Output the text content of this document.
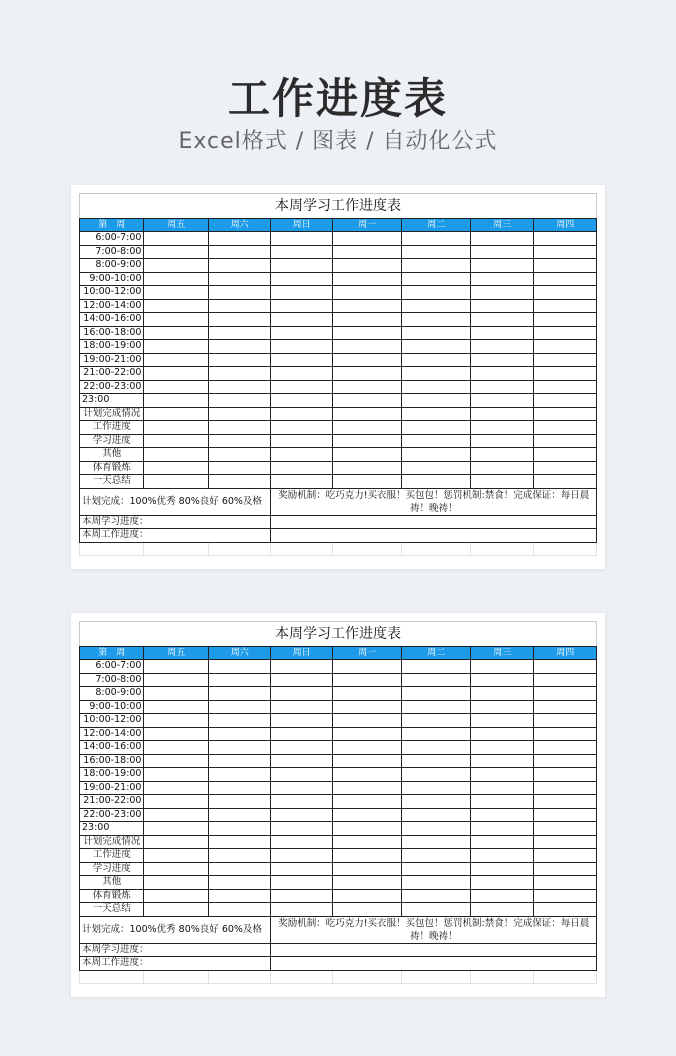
工作进度表
Excel格式 / 图表 / 自动化公式
本周学习工作进度表							
第　周	周五	周六	周日	周一	周二	周三	周四
6:00-7:00							
7:00-8:00							
8:00-9:00							
9:00-10:00							
10:00-12:00							
12:00-14:00							
14:00-16:00							
16:00-18:00							
18:00-19:00							
19:00-21:00							
21:00-22:00							
22:00-23:00							
23:00							
计划完成情况							
工作进度							
学习进度							
其他							
体育锻炼							
一天总结							
计划完成：100%优秀 80%良好 60%及格			奖励机制：吃巧克力!买衣服！买包包！惩罚机制:禁食！完成保证：每日晨祷！晚祷！				
本周学习进度：							
本周工作进度：							

本周学习工作进度表							
第　周	周五	周六	周日	周一	周二	周三	周四
6:00-7:00							
7:00-8:00							
8:00-9:00							
9:00-10:00							
10:00-12:00							
12:00-14:00							
14:00-16:00							
16:00-18:00							
18:00-19:00							
19:00-21:00							
21:00-22:00							
22:00-23:00							
23:00							
计划完成情况							
工作进度							
学习进度							
其他							
体育锻炼							
一天总结							
计划完成：100%优秀 80%良好 60%及格			奖励机制：吃巧克力!买衣服！买包包！惩罚机制:禁食！完成保证：每日晨祷！晚祷！				
本周学习进度：							
本周工作进度：							
